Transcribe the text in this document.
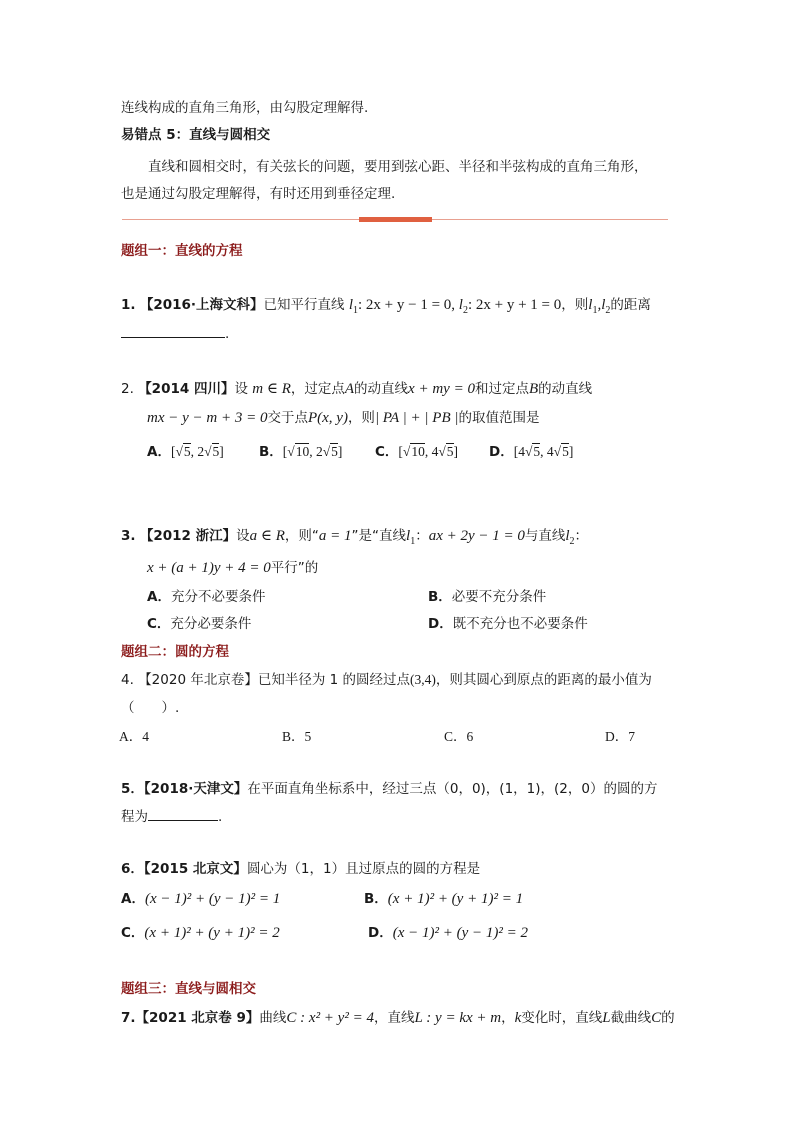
连线构成的直角三角形，由勾股定理解得.
易错点 5：直线与圆相交
直线和圆相交时，有关弦长的问题，要用到弦心距、半径和半弦构成的直角三角形，
也是通过勾股定理解得，有时还用到垂径定理.
题组一：直线的方程
1. 【2016·上海文科】已知平行直线 $l_1$: 2x + y − 1 = 0, $l_2$: 2x + y + 1 = 0，则$l_1,l_2$的距离
.
2. 【2014 四川】设 m ∈ R，过定点A的动直线x + my = 0和过定点B的动直线
mx − y − m + 3 = 0交于点P(x, y)，则| PA | + | PB |的取值范围是
A．[√5, 2√5]	B．[√10, 2√5] C．[√10, 4√5] D．[4√5, 4√5]
3. 【2012 浙江】设a ∈ R，则“a = 1”是“直线$l_1$：ax + 2y − 1 = 0与直线$l_2$：
x + (a + 1)y + 4 = 0平行”的
A．充分不必要条件	B．必要不充分条件
C．充分必要条件	D．既不充分也不必要条件
题组二：圆的方程
4. 【2020 年北京卷】已知半径为 1 的圆经过点(3,4)，则其圆心到原点的距离的最小值为
（　　）.
A．4	B．5	C．6	D．7
5．【2018·天津文】在平面直角坐标系中，经过三点（0，0)，(1，1)，(2，0）的圆的方
程为	.
6．【2015 北京文】圆心为（1，1）且过原点的圆的方程是
A．(x − 1)² + (y − 1)² = 1	B．(x + 1)² + (y + 1)² = 1
C．(x + 1)² + (y + 1)² = 2	D．(x − 1)² + (y − 1)² = 2
题组三：直线与圆相交
7.【2021 北京卷 9】曲线C : x² + y² = 4，直线L : y = kx + m，k变化时，直线L截曲线C的
